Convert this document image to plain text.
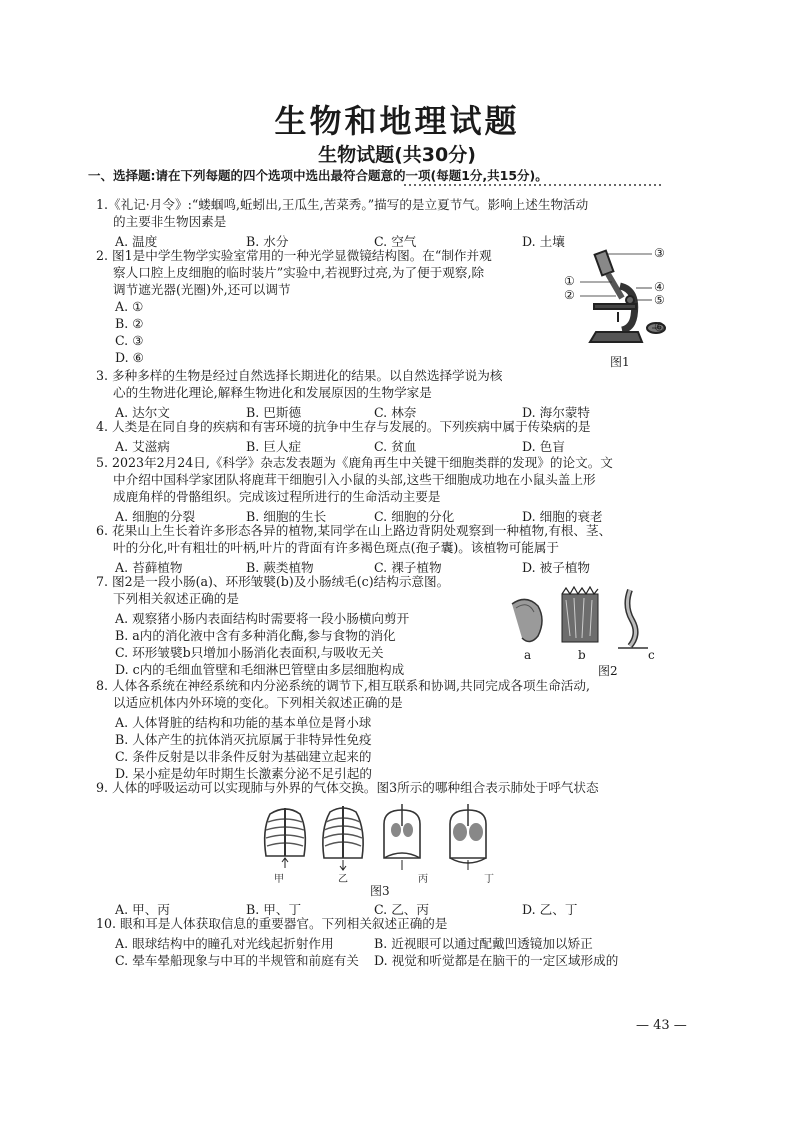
生物和地理试题
生物试题(共30分)
一、选择题:请在下列每题的四个选项中选出最符合题意的一项(每题1分,共15分)。
1.《礼记·月令》:“蝼蝈鸣,蚯蚓出,王瓜生,苦菜秀。”描写的是立夏节气。影响上述生物活动
的主要非生物因素是
A. 温度	B. 水分	C. 空气	D. 土壤
2. 图1是中学生物学实验室常用的一种光学显微镜结构图。在“制作并观
察人口腔上皮细胞的临时装片”实验中,若视野过亮,为了便于观察,除
调节遮光器(光圈)外,还可以调节
A. ①
B. ②
C. ③
D. ⑥
③
①
②
④
⑤
⑥
图1
3. 多种多样的生物是经过自然选择长期进化的结果。以自然选择学说为核
心的生物进化理论,解释生物进化和发展原因的生物学家是
A. 达尔文	B. 巴斯德	C. 林奈	D. 海尔蒙特
4. 人类是在同自身的疾病和有害环境的抗争中生存与发展的。下列疾病中属于传染病的是
A. 艾滋病	B. 巨人症	C. 贫血	D. 色盲
5. 2023年2月24日,《科学》杂志发表题为《鹿角再生中关键干细胞类群的发现》的论文。文
中介绍中国科学家团队将鹿茸干细胞引入小鼠的头部,这些干细胞成功地在小鼠头盖上形
成鹿角样的骨骼组织。完成该过程所进行的生命活动主要是
A. 细胞的分裂	B. 细胞的生长	C. 细胞的分化	D. 细胞的衰老
6. 花果山上生长着许多形态各异的植物,某同学在山上路边背阴处观察到一种植物,有根、茎、
叶的分化,叶有粗壮的叶柄,叶片的背面有许多褐色斑点(孢子囊)。该植物可能属于
A. 苔藓植物	B. 蕨类植物	C. 裸子植物	D. 被子植物
7. 图2是一段小肠(a)、环形皱襞(b)及小肠绒毛(c)结构示意图。
下列相关叙述正确的是
A. 观察猪小肠内表面结构时需要将一段小肠横向剪开
B. a内的消化液中含有多种消化酶,参与食物的消化
C. 环形皱襞b只增加小肠消化表面积,与吸收无关
D. c内的毛细血管壁和毛细淋巴管壁由多层细胞构成
a	b	c
图2
8. 人体各系统在神经系统和内分泌系统的调节下,相互联系和协调,共同完成各项生命活动,
以适应机体内外环境的变化。下列相关叙述正确的是
A. 人体肾脏的结构和功能的基本单位是肾小球
B. 人体产生的抗体消灭抗原属于非特异性免疫
C. 条件反射是以非条件反射为基础建立起来的
D. 呆小症是幼年时期生长激素分泌不足引起的
9. 人体的呼吸运动可以实现肺与外界的气体交换。图3所示的哪种组合表示肺处于呼气状态
甲	乙	丙	丁
图3
A. 甲、丙	B. 甲、丁	C. 乙、丙	D. 乙、丁
10. 眼和耳是人体获取信息的重要器官。下列相关叙述正确的是
A. 眼球结构中的瞳孔对光线起折射作用	B. 近视眼可以通过配戴凹透镜加以矫正
C. 晕车晕船现象与中耳的半规管和前庭有关 D. 视觉和听觉都是在脑干的一定区域形成的
— 43 —
